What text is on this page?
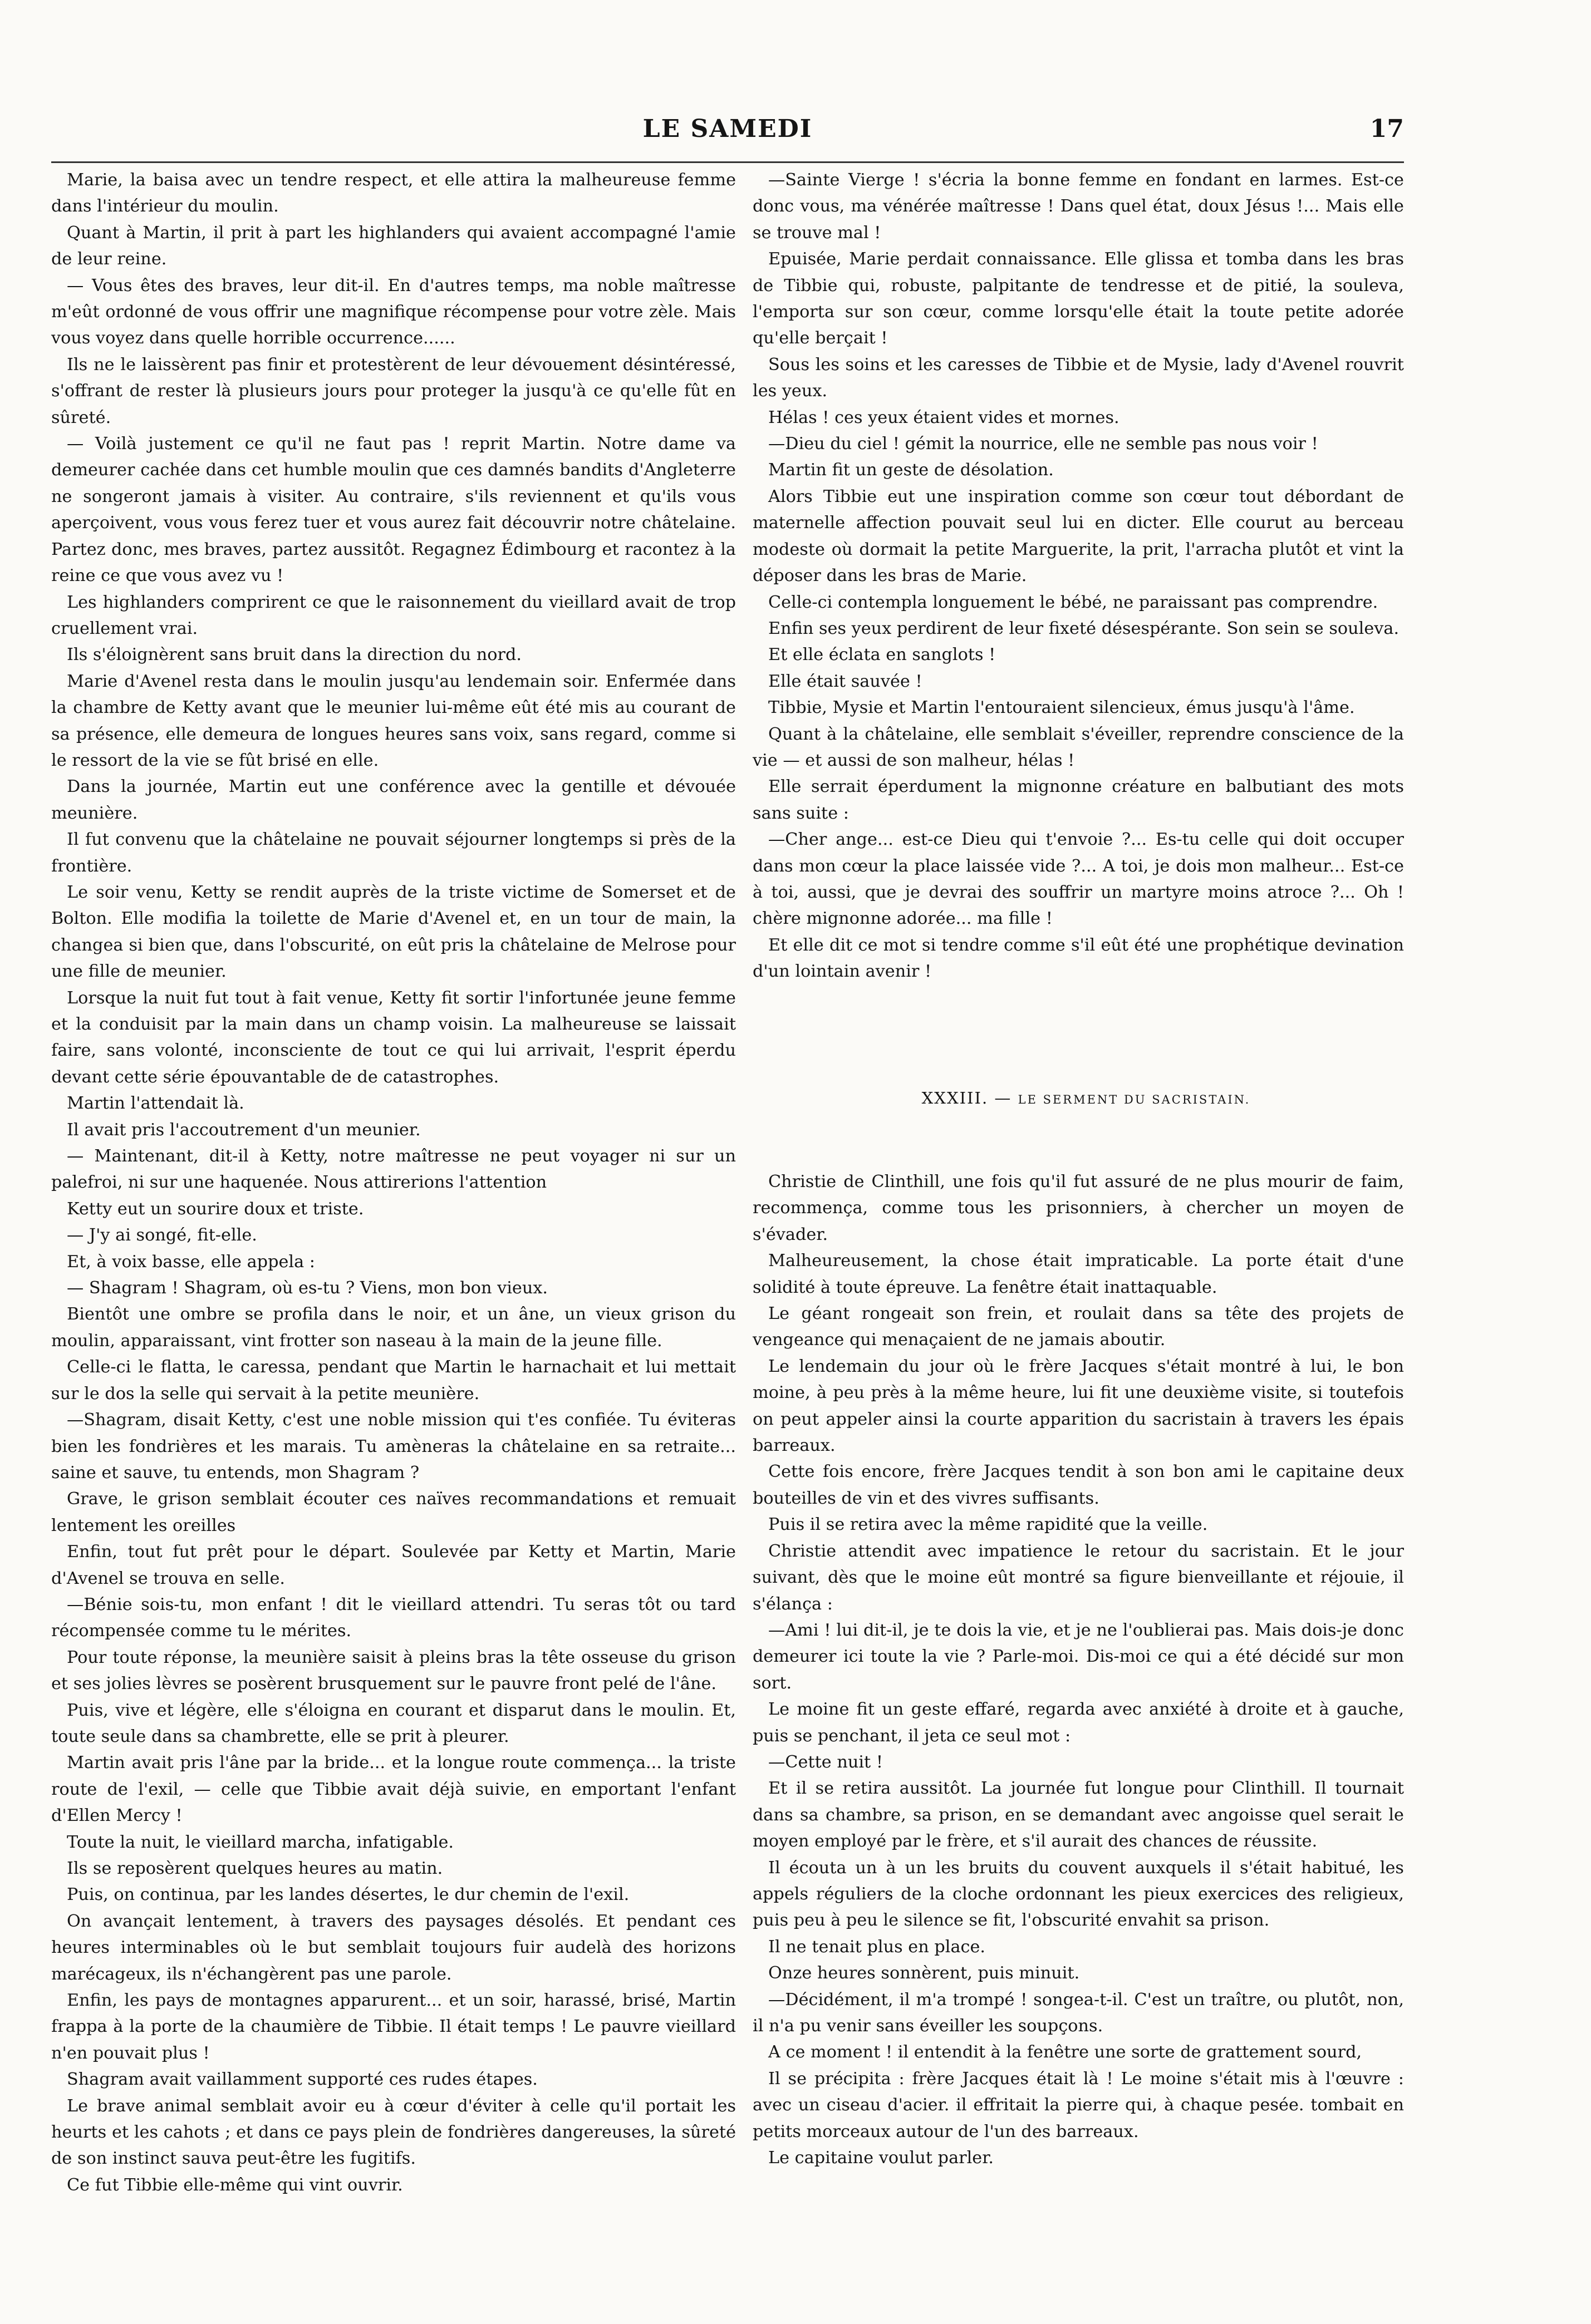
LE SAMEDI	17

Marie, la baisa avec un tendre respect, et elle attira la malheureuse femme dans l'intérieur du moulin.

Quant à Martin, il prit à part les highlanders qui avaient accompagné l'amie de leur reine.

— Vous êtes des braves, leur dit-il. En d'autres temps, ma noble maîtresse m'eût ordonné de vous offrir une magnifique récompense pour votre zèle. Mais vous voyez dans quelle horrible occurrence......

Ils ne le laissèrent pas finir et protestèrent de leur dévouement désintéressé, s'offrant de rester là plusieurs jours pour proteger la jusqu'à ce qu'elle fût en sûreté.

— Voilà justement ce qu'il ne faut pas ! reprit Martin. Notre dame va demeurer cachée dans cet humble moulin que ces damnés bandits d'Angleterre ne songeront jamais à visiter. Au contraire, s'ils reviennent et qu'ils vous aperçoivent, vous vous ferez tuer et vous aurez fait découvrir notre châtelaine. Partez donc, mes braves, partez aussitôt. Regagnez Édimbourg et racontez à la reine ce que vous avez vu !

Les highlanders comprirent ce que le raisonnement du vieillard avait de trop cruellement vrai.

Ils s'éloignèrent sans bruit dans la direction du nord.

Marie d'Avenel resta dans le moulin jusqu'au lendemain soir. Enfermée dans la chambre de Ketty avant que le meunier lui-même eût été mis au courant de sa présence, elle demeura de longues heures sans voix, sans regard, comme si le ressort de la vie se fût brisé en elle.

Dans la journée, Martin eut une conférence avec la gentille et dévouée meunière.

Il fut convenu que la châtelaine ne pouvait séjourner longtemps si près de la frontière.

Le soir venu, Ketty se rendit auprès de la triste victime de Somerset et de Bolton. Elle modifia la toilette de Marie d'Avenel et, en un tour de main, la changea si bien que, dans l'obscurité, on eût pris la châtelaine de Melrose pour une fille de meunier.

Lorsque la nuit fut tout à fait venue, Ketty fit sortir l'infortunée jeune femme et la conduisit par la main dans un champ voisin. La malheureuse se laissait faire, sans volonté, inconsciente de tout ce qui lui arrivait, l'esprit éperdu devant cette série épouvantable de de catastrophes.

Martin l'attendait là.

Il avait pris l'accoutrement d'un meunier.

— Maintenant, dit-il à Ketty, notre maîtresse ne peut voyager ni sur un palefroi, ni sur une haquenée. Nous attirerions l'attention

Ketty eut un sourire doux et triste.

— J'y ai songé, fit-elle.

Et, à voix basse, elle appela :

— Shagram ! Shagram, où es-tu ? Viens, mon bon vieux.

Bientôt une ombre se profila dans le noir, et un âne, un vieux grison du moulin, apparaissant, vint frotter son naseau à la main de la jeune fille.

Celle-ci le flatta, le caressa, pendant que Martin le harnachait et lui mettait sur le dos la selle qui servait à la petite meunière.

—Shagram, disait Ketty, c'est une noble mission qui t'es confiée. Tu éviteras bien les fondrières et les marais. Tu amèneras la châtelaine en sa retraite... saine et sauve, tu entends, mon Shagram ?

Grave, le grison semblait écouter ces naïves recommandations et remuait lentement les oreilles

Enfin, tout fut prêt pour le départ. Soulevée par Ketty et Martin, Marie d'Avenel se trouva en selle.

—Bénie sois-tu, mon enfant ! dit le vieillard attendri. Tu seras tôt ou tard récompensée comme tu le mérites.

Pour toute réponse, la meunière saisit à pleins bras la tête osseuse du grison et ses jolies lèvres se posèrent brusquement sur le pauvre front pelé de l'âne.

Puis, vive et légère, elle s'éloigna en courant et disparut dans le moulin. Et, toute seule dans sa chambrette, elle se prit à pleurer.

Martin avait pris l'âne par la bride... et la longue route commença... la triste route de l'exil, — celle que Tibbie avait déjà suivie, en emportant l'enfant d'Ellen Mercy !

Toute la nuit, le vieillard marcha, infatigable.

Ils se reposèrent quelques heures au matin.

Puis, on continua, par les landes désertes, le dur chemin de l'exil.

On avançait lentement, à travers des paysages désolés. Et pendant ces heures interminables où le but semblait toujours fuir audelà des horizons marécageux, ils n'échangèrent pas une parole.

Enfin, les pays de montagnes apparurent... et un soir, harassé, brisé, Martin frappa à la porte de la chaumière de Tibbie. Il était temps ! Le pauvre vieillard n'en pouvait plus !

Shagram avait vaillamment supporté ces rudes étapes.

Le brave animal semblait avoir eu à cœur d'éviter à celle qu'il portait les heurts et les cahots ; et dans ce pays plein de fondrières dangereuses, la sûreté de son instinct sauva peut-être les fugitifs.

Ce fut Tibbie elle-même qui vint ouvrir.

—Sainte Vierge ! s'écria la bonne femme en fondant en larmes. Est-ce donc vous, ma vénérée maîtresse ! Dans quel état, doux Jésus !... Mais elle se trouve mal !

Epuisée, Marie perdait connaissance. Elle glissa et tomba dans les bras de Tibbie qui, robuste, palpitante de tendresse et de pitié, la souleva, l'emporta sur son cœur, comme lorsqu'elle était la toute petite adorée qu'elle berçait !

Sous les soins et les caresses de Tibbie et de Mysie, lady d'Avenel rouvrit les yeux.

Hélas ! ces yeux étaient vides et mornes.

—Dieu du ciel ! gémit la nourrice, elle ne semble pas nous voir !

Martin fit un geste de désolation.

Alors Tibbie eut une inspiration comme son cœur tout débordant de maternelle affection pouvait seul lui en dicter. Elle courut au berceau modeste où dormait la petite Marguerite, la prit, l'arracha plutôt et vint la déposer dans les bras de Marie.

Celle-ci contempla longuement le bébé, ne paraissant pas comprendre.

Enfin ses yeux perdirent de leur fixeté désespérante. Son sein se souleva.

Et elle éclata en sanglots !

Elle était sauvée !

Tibbie, Mysie et Martin l'entouraient silencieux, émus jusqu'à l'âme.

Quant à la châtelaine, elle semblait s'éveiller, reprendre conscience de la vie — et aussi de son malheur, hélas !

Elle serrait éperdument la mignonne créature en balbutiant des mots sans suite :

—Cher ange... est-ce Dieu qui t'envoie ?... Es-tu celle qui doit occuper dans mon cœur la place laissée vide ?... A toi, je dois mon malheur... Est-ce à toi, aussi, que je devrai des souffrir un martyre moins atroce ?... Oh ! chère mignonne adorée... ma fille !

Et elle dit ce mot si tendre comme s'il eût été une prophétique devination d'un lointain avenir !

XXXIII. — LE SERMENT DU SACRISTAIN.

Christie de Clinthill, une fois qu'il fut assuré de ne plus mourir de faim, recommença, comme tous les prisonniers, à chercher un moyen de s'évader.

Malheureusement, la chose était impraticable. La porte était d'une solidité à toute épreuve. La fenêtre était inattaquable.

Le géant rongeait son frein, et roulait dans sa tête des projets de vengeance qui menaçaient de ne jamais aboutir.

Le lendemain du jour où le frère Jacques s'était montré à lui, le bon moine, à peu près à la même heure, lui fit une deuxième visite, si toutefois on peut appeler ainsi la courte apparition du sacristain à travers les épais barreaux.

Cette fois encore, frère Jacques tendit à son bon ami le capitaine deux bouteilles de vin et des vivres suffisants.

Puis il se retira avec la même rapidité que la veille.

Christie attendit avec impatience le retour du sacristain. Et le jour suivant, dès que le moine eût montré sa figure bienveillante et réjouie, il s'élança :

—Ami ! lui dit-il, je te dois la vie, et je ne l'oublierai pas. Mais dois-je donc demeurer ici toute la vie ? Parle-moi. Dis-moi ce qui a été décidé sur mon sort.

Le moine fit un geste effaré, regarda avec anxiété à droite et à gauche, puis se penchant, il jeta ce seul mot :

—Cette nuit !

Et il se retira aussitôt. La journée fut longue pour Clinthill. Il tournait dans sa chambre, sa prison, en se demandant avec angoisse quel serait le moyen employé par le frère, et s'il aurait des chances de réussite.

Il écouta un à un les bruits du couvent auxquels il s'était habitué, les appels réguliers de la cloche ordonnant les pieux exercices des religieux, puis peu à peu le silence se fit, l'obscurité envahit sa prison.

Il ne tenait plus en place.

Onze heures sonnèrent, puis minuit.

—Décidément, il m'a trompé ! songea-t-il. C'est un traître, ou plutôt, non, il n'a pu venir sans éveiller les soupçons.

A ce moment ! il entendit à la fenêtre une sorte de grattement sourd,

Il se précipita : frère Jacques était là ! Le moine s'était mis à l'œuvre : avec un ciseau d'acier. il effritait la pierre qui, à chaque pesée. tombait en petits morceaux autour de l'un des barreaux.

Le capitaine voulut parler.
